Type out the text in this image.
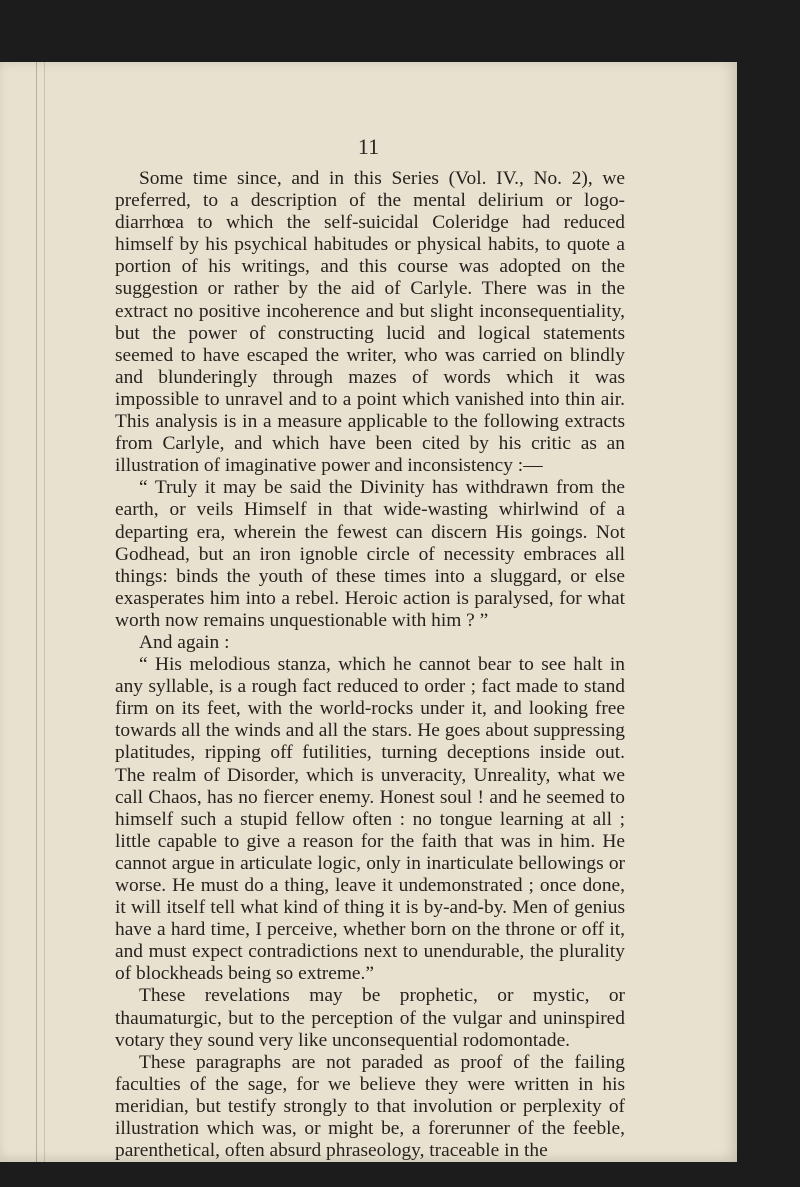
11

Some time since, and in this Series (Vol. IV., No. 2), we preferred, to a description of the mental delirium or logo-diarrhœa to which the self-suicidal Coleridge had reduced himself by his psychical habitudes or physical habits, to quote a portion of his writings, and this course was adopted on the suggestion or rather by the aid of Carlyle. There was in the extract no positive incoherence and but slight inconsequentiality, but the power of constructing lucid and logical statements seemed to have escaped the writer, who was carried on blindly and blunderingly through mazes of words which it was impossible to unravel and to a point which vanished into thin air. This analysis is in a measure applicable to the following extracts from Carlyle, and which have been cited by his critic as an illustration of imaginative power and inconsistency :—

“ Truly it may be said the Divinity has withdrawn from the earth, or veils Himself in that wide-wasting whirlwind of a departing era, wherein the fewest can discern His goings. Not Godhead, but an iron ignoble circle of necessity embraces all things: binds the youth of these times into a sluggard, or else exasperates him into a rebel. Heroic action is paralysed, for what worth now remains unquestionable with him ? ”

And again :

“ His melodious stanza, which he cannot bear to see halt in any syllable, is a rough fact reduced to order ; fact made to stand firm on its feet, with the world-rocks under it, and looking free towards all the winds and all the stars. He goes about suppressing platitudes, ripping off futilities, turning deceptions inside out. The realm of Disorder, which is unveracity, Unreality, what we call Chaos, has no fiercer enemy. Honest soul ! and he seemed to himself such a stupid fellow often : no tongue learning at all ; little capable to give a reason for the faith that was in him. He cannot argue in articulate logic, only in inarticulate bellowings or worse. He must do a thing, leave it undemonstrated ; once done, it will itself tell what kind of thing it is by-and-by. Men of genius have a hard time, I perceive, whether born on the throne or off it, and must expect contradictions next to unendurable, the plurality of blockheads being so extreme.”

These revelations may be prophetic, or mystic, or thaumaturgic, but to the perception of the vulgar and uninspired votary they sound very like unconsequential rodomontade.

These paragraphs are not paraded as proof of the failing faculties of the sage, for we believe they were written in his meridian, but testify strongly to that involution or perplexity of illustration which was, or might be, a forerunner of the feeble, parenthetical, often absurd phraseology, traceable in the
